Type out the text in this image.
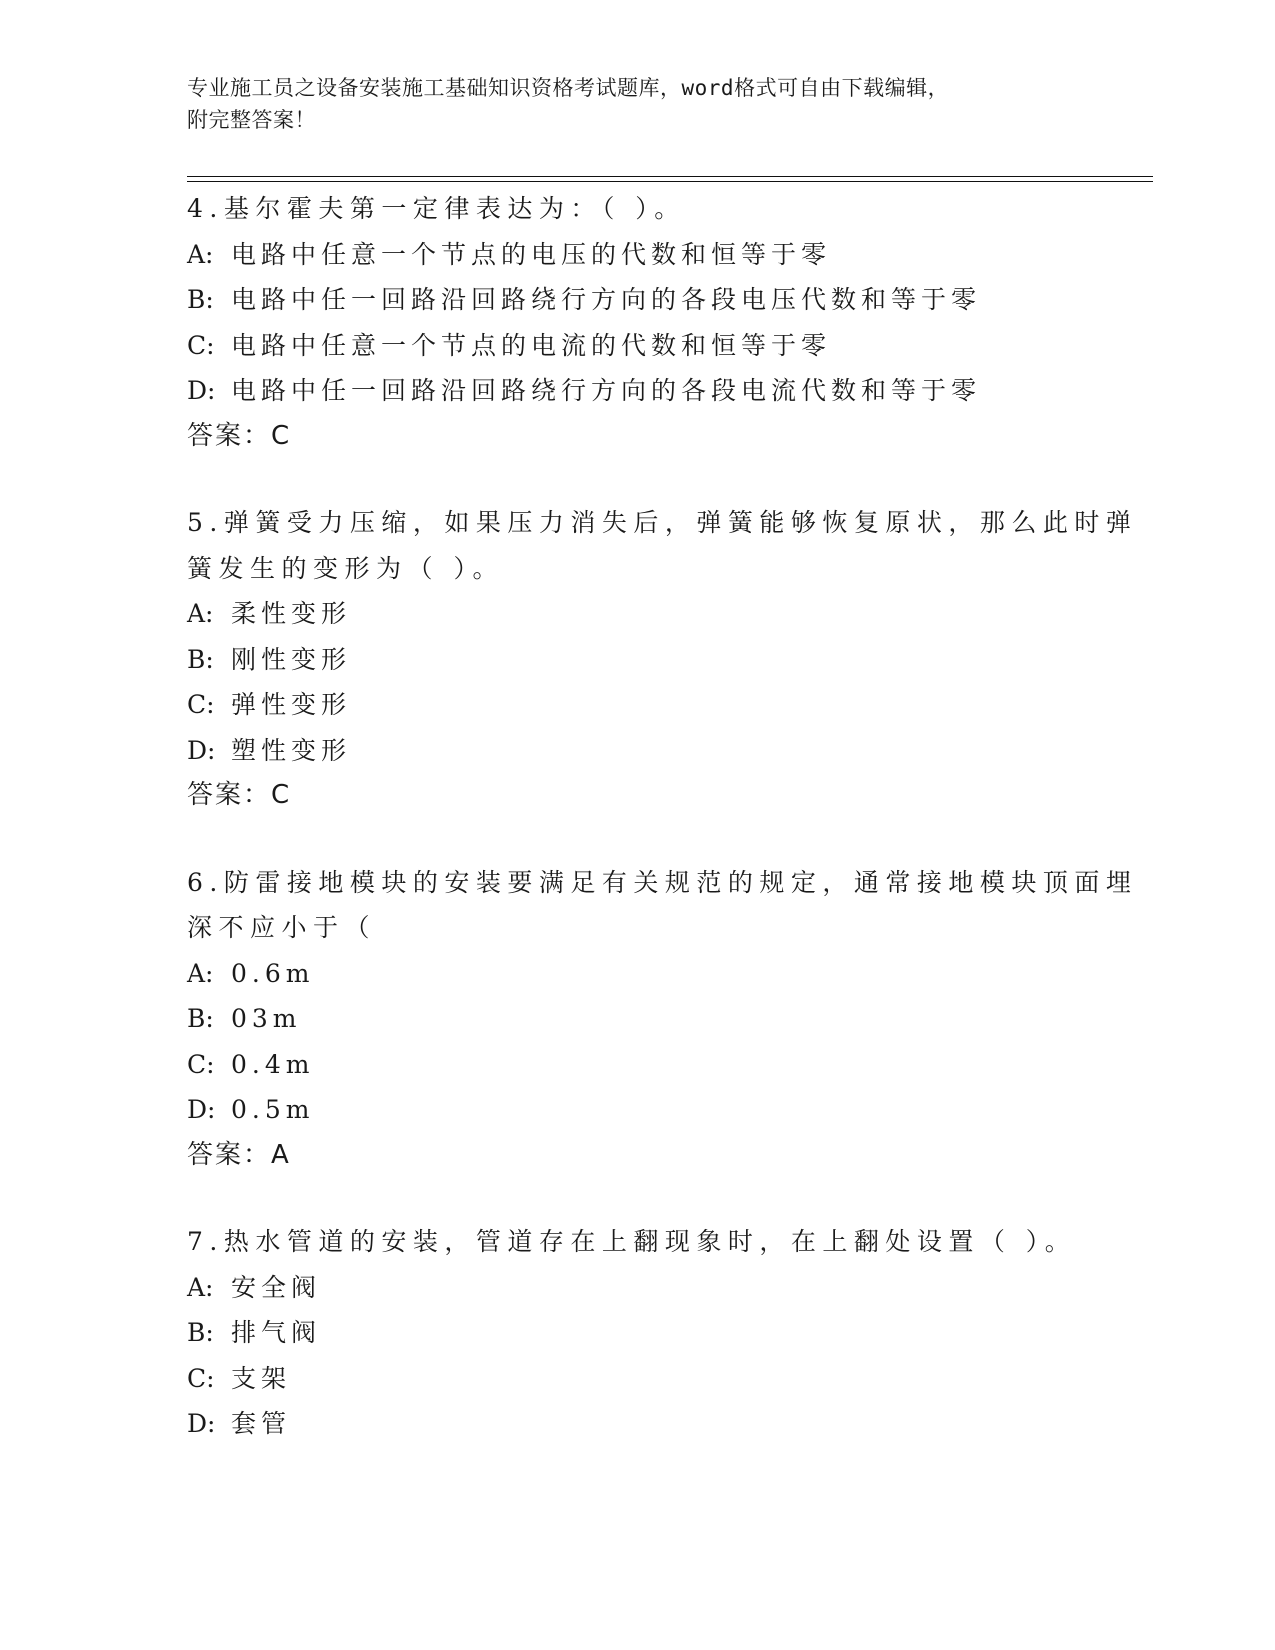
专业施工员之设备安装施工基础知识资格考试题库，word格式可自由下载编辑，
附完整答案！
4.基尔霍夫第一定律表达为：（ ）。
A: 电路中任意一个节点的电压的代数和恒等于零
B: 电路中任一回路沿回路绕行方向的各段电压代数和等于零
C: 电路中任意一个节点的电流的代数和恒等于零
D: 电路中任一回路沿回路绕行方向的各段电流代数和等于零
答案：C
5.弹簧受力压缩，如果压力消失后，弹簧能够恢复原状，那么此时弹
簧发生的变形为（ ）。
A: 柔性变形
B: 刚性变形
C: 弹性变形
D: 塑性变形
答案：C
6.防雷接地模块的安装要满足有关规范的规定，通常接地模块顶面埋
深不应小于（
A: 0.6m
B: 03m
C: 0.4m
D: 0.5m
答案：A
7.热水管道的安装，管道存在上翻现象时，在上翻处设置（ ）。
A: 安全阀
B: 排气阀
C: 支架
D: 套管
